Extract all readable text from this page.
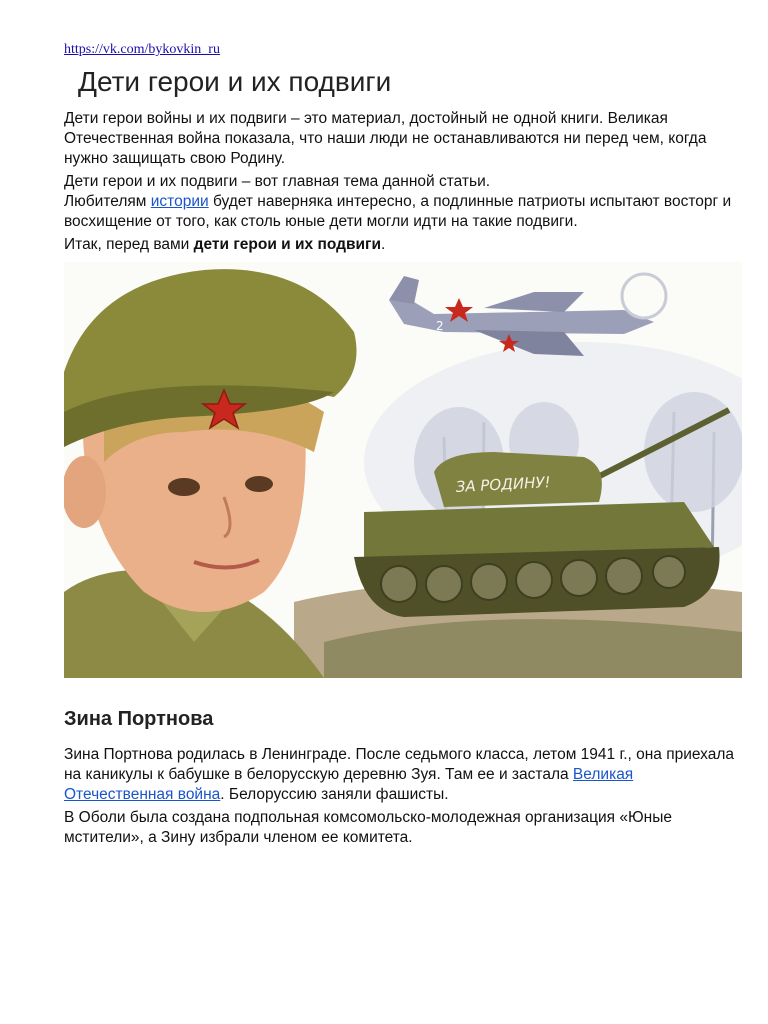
https://vk.com/bykovkin_ru
Дети герои и их подвиги

Дети герои войны и их подвиги – это материал, достойный не одной книги. Великая Отечественная война показала, что наши люди не останавливаются ни перед чем, когда нужно защищать свою Родину.

Дети герои и их подвиги – вот главная тема данной статьи.
Любителям истории будет наверняка интересно, а подлинные патриоты испытают восторг и восхищение от того, как столь юные дети могли идти на такие подвиги.

Итак, перед вами дети герои и их подвиги.

2
ЗА РОДИНУ!
Зина Портнова

Зина Портнова родилась в Ленинграде. После седьмого класса, летом 1941 г., она приехала на каникулы к бабушке в белорусскую деревню Зуя. Там ее и застала Великая Отечественная война. Белоруссию заняли фашисты.

В Оболи была создана подпольная комсомольско-молодежная организация «Юные мстители», а Зину избрали членом ее комитета.
